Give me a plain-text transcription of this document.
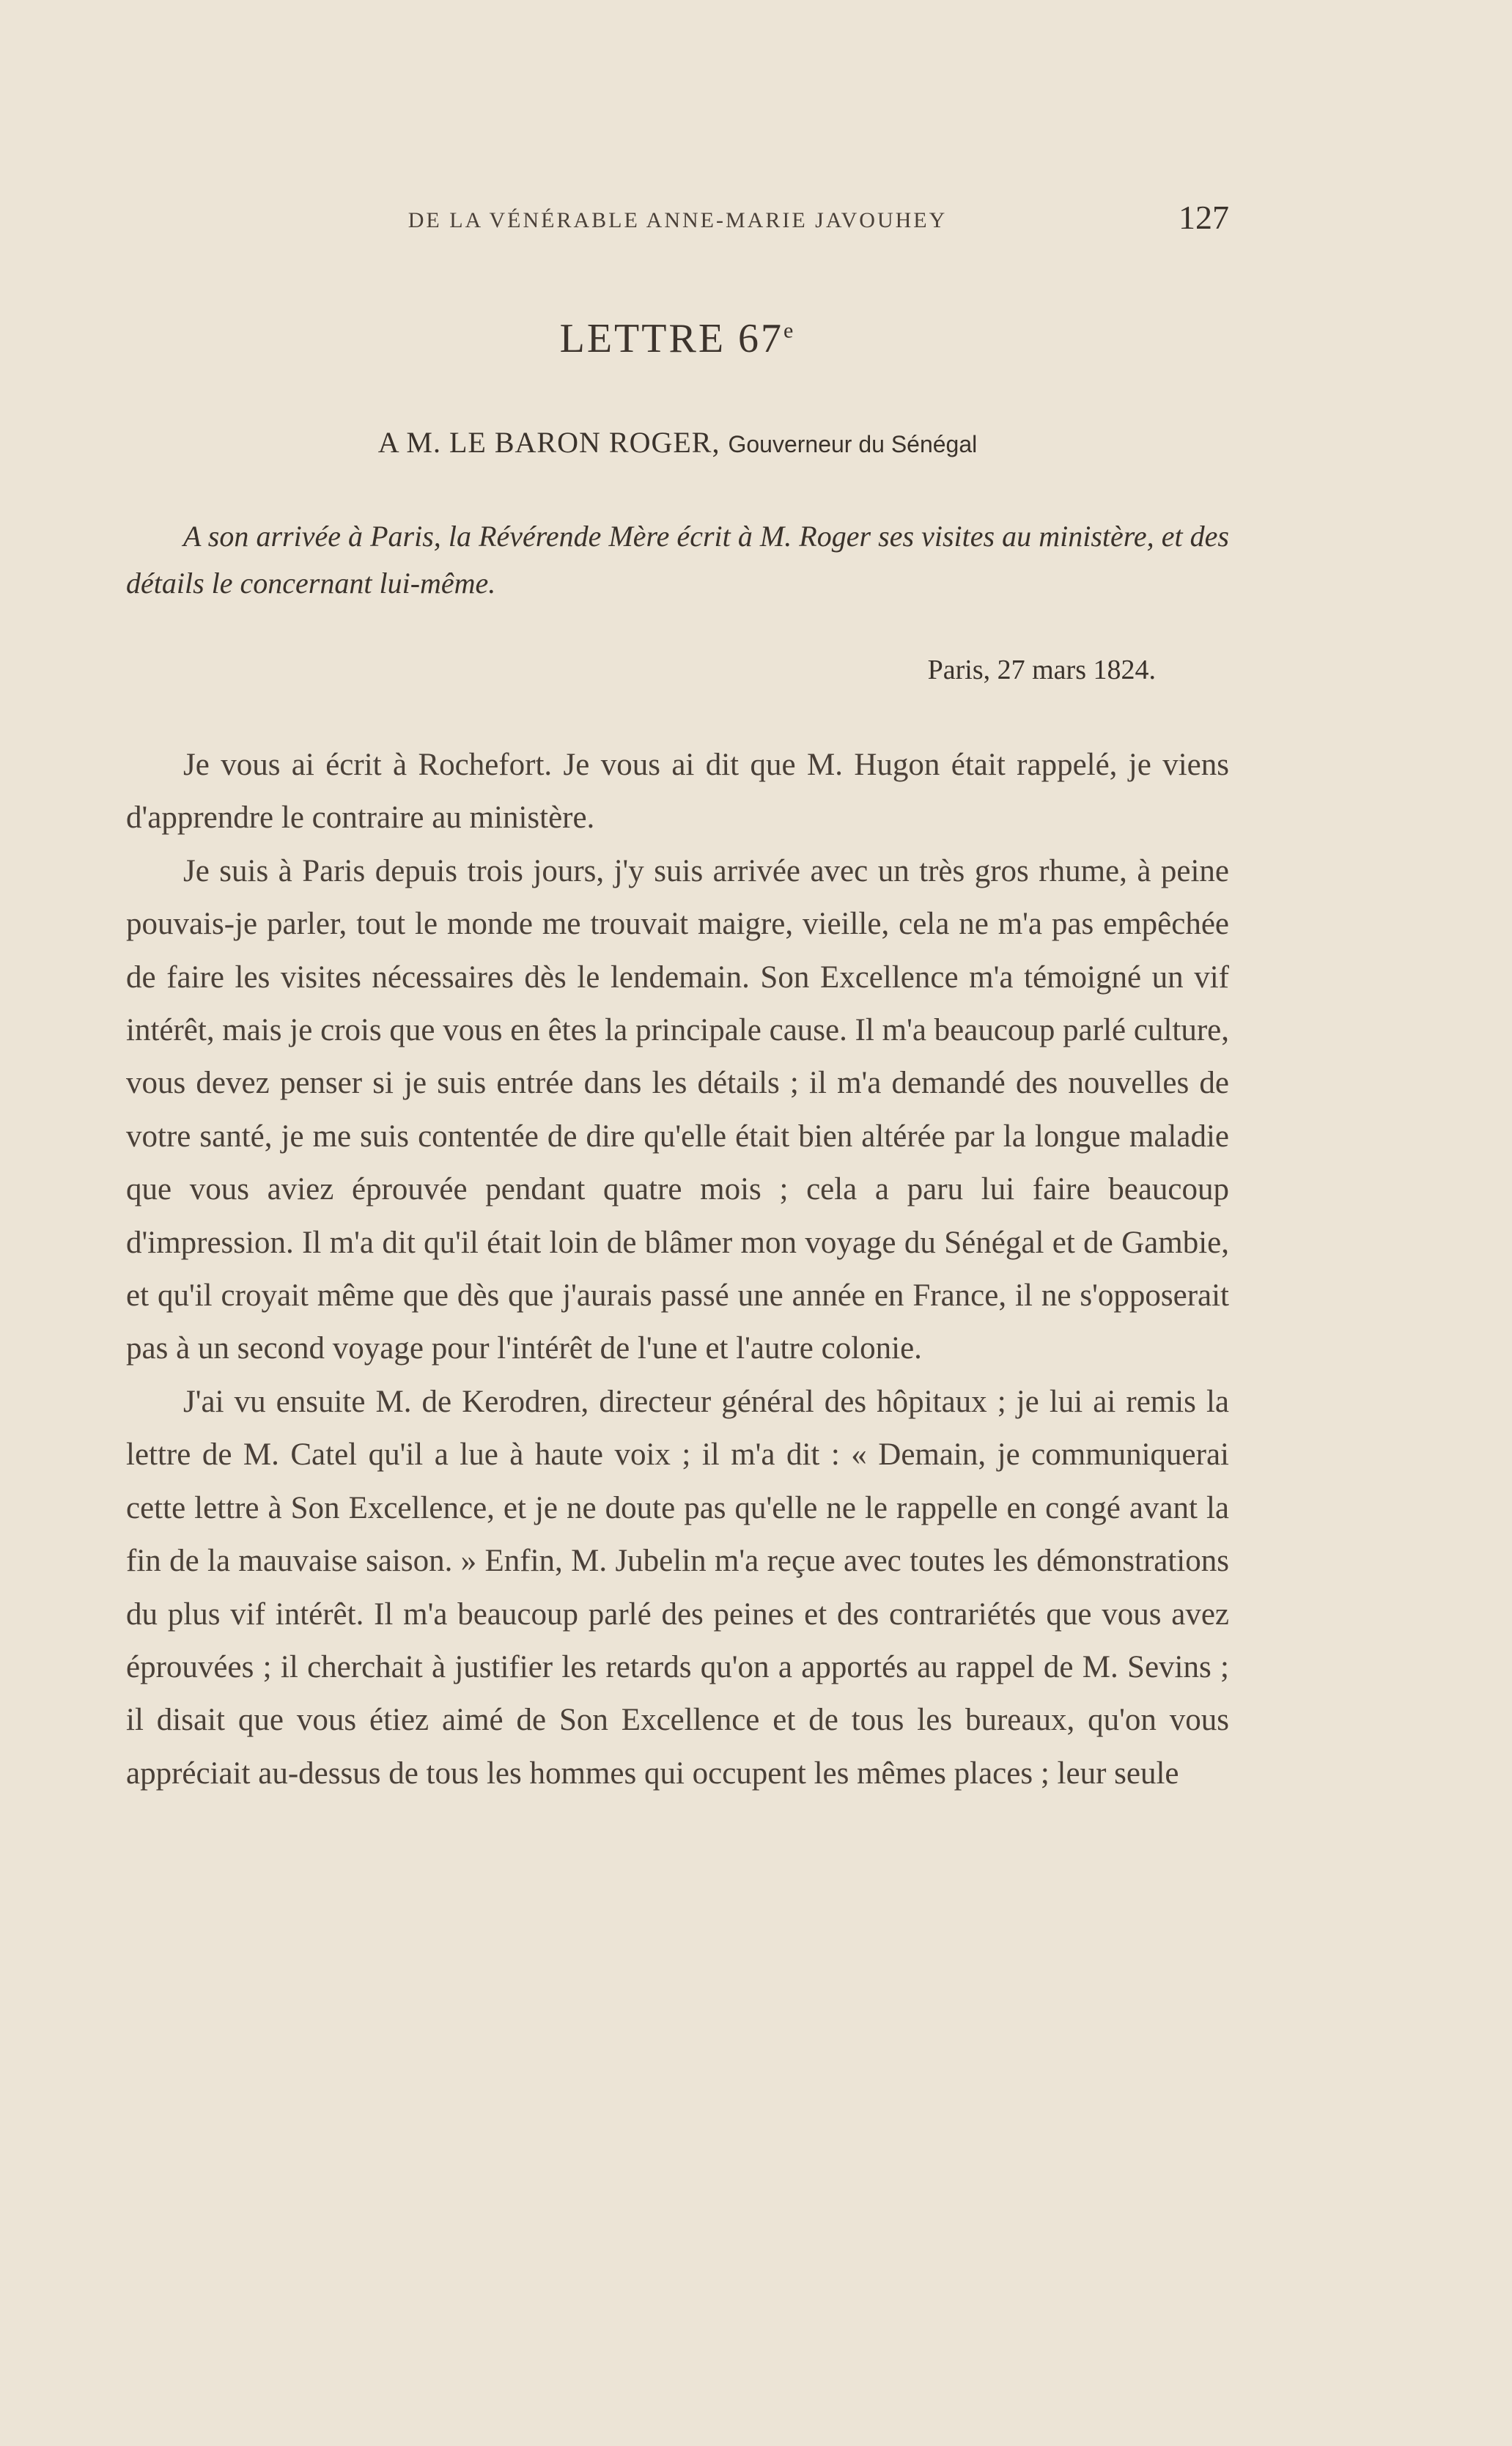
DE LA VÉNÉRABLE ANNE-MARIE JAVOUHEY	127
LETTRE 67e
A M. LE BARON ROGER, Gouverneur du Sénégal

A son arrivée à Paris, la Révérende Mère écrit à M. Roger ses visites au ministère, et des détails le concernant lui-même.

Paris, 27 mars 1824.

Je vous ai écrit à Rochefort. Je vous ai dit que M. Hugon était rappelé, je viens d'apprendre le contraire au ministère.

Je suis à Paris depuis trois jours, j'y suis arrivée avec un très gros rhume, à peine pouvais-je parler, tout le monde me trouvait maigre, vieille, cela ne m'a pas empêchée de faire les visites nécessaires dès le lendemain. Son Excellence m'a témoigné un vif intérêt, mais je crois que vous en êtes la principale cause. Il m'a beaucoup parlé culture, vous devez penser si je suis entrée dans les détails ; il m'a demandé des nouvelles de votre santé, je me suis contentée de dire qu'elle était bien altérée par la longue maladie que vous aviez éprouvée pendant quatre mois ; cela a paru lui faire beaucoup d'impression. Il m'a dit qu'il était loin de blâmer mon voyage du Sénégal et de Gambie, et qu'il croyait même que dès que j'aurais passé une année en France, il ne s'opposerait pas à un second voyage pour l'intérêt de l'une et l'autre colonie.

J'ai vu ensuite M. de Kerodren, directeur général des hôpitaux ; je lui ai remis la lettre de M. Catel qu'il a lue à haute voix ; il m'a dit : « Demain, je communiquerai cette lettre à Son Excellence, et je ne doute pas qu'elle ne le rappelle en congé avant la fin de la mauvaise saison. » Enfin, M. Jubelin m'a reçue avec toutes les démonstrations du plus vif intérêt. Il m'a beaucoup parlé des peines et des contrariétés que vous avez éprouvées ; il cherchait à justifier les retards qu'on a apportés au rappel de M. Sevins ; il disait que vous étiez aimé de Son Excellence et de tous les bureaux, qu'on vous appréciait au-dessus de tous les hommes qui occupent les mêmes places ; leur seule
